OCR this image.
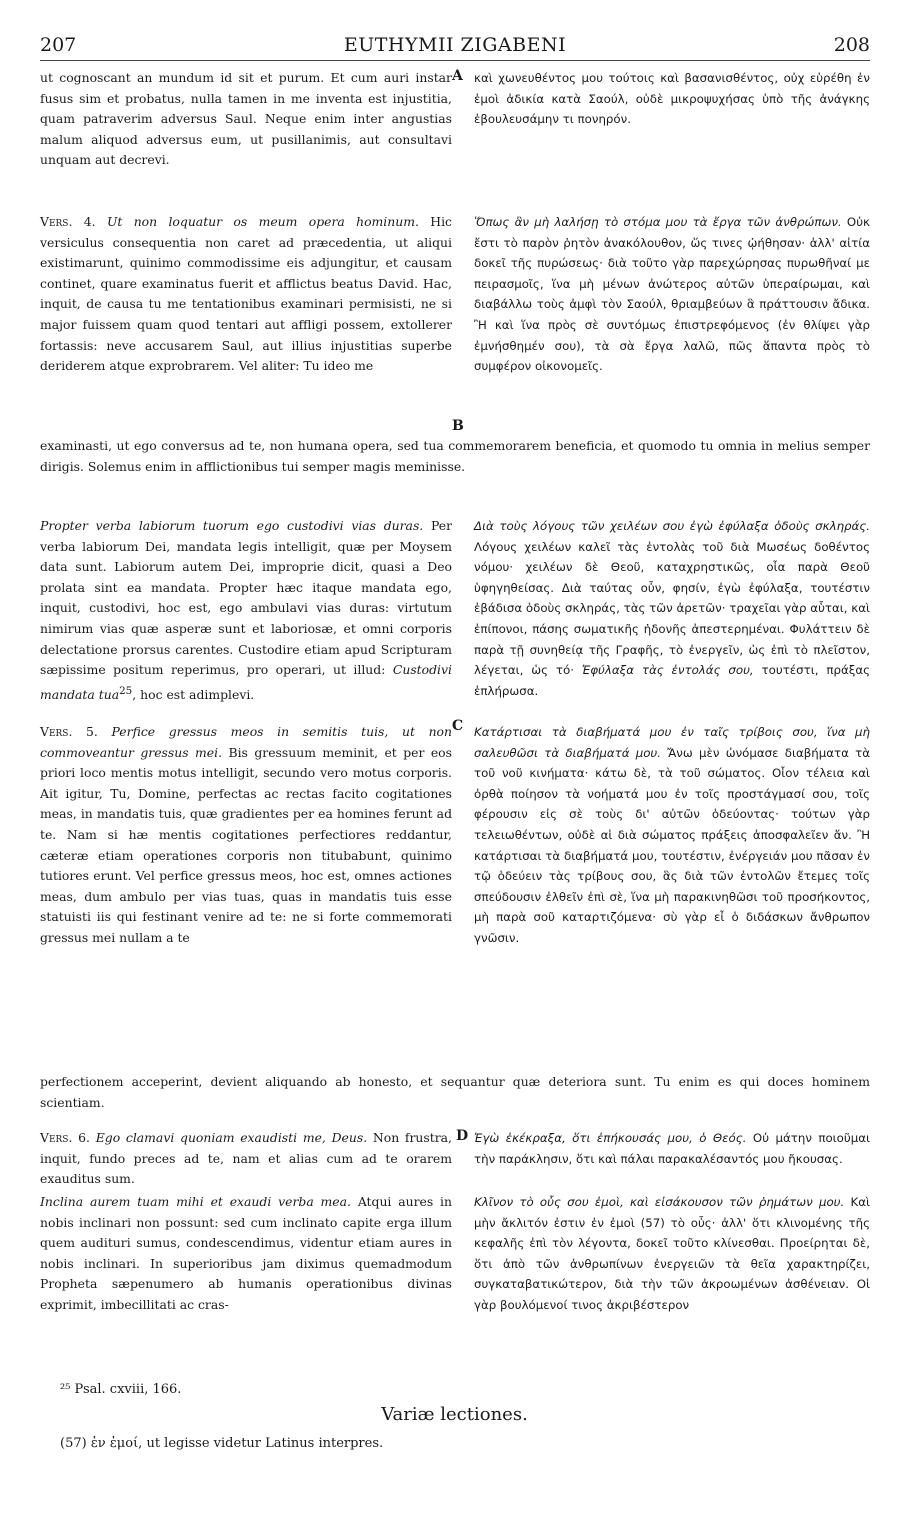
207	EUTHYMII ZIGABENI	208
A
B
C
D

ut cognoscant an mundum id sit et purum. Et cum auri instar fusus sim et probatus, nulla tamen in me inventa est injustitia, quam patraverim adversus Saul. Neque enim inter angustias malum aliquod adversus eum, ut pusillanimis, aut consultavi unquam aut decrevi.

καὶ χωνευθέντος μου τούτοις καὶ βασανισθέντος, οὐχ εὑρέθη ἐν ἐμοὶ ἀδικία κατὰ Σαούλ, οὐδὲ μικροψυχήσας ὑπὸ τῆς ἀνάγκης ἐβουλευσάμην τι πονηρόν.

Vers. 4. Ut non loquatur os meum opera hominum. Hic versiculus consequentia non caret ad præcedentia, ut aliqui existimarunt, quinimo commodissime eis adjungitur, et causam continet, quare examinatus fuerit et afflictus beatus David. Hac, inquit, de causa tu me tentationibus examinari permisisti, ne si major fuissem quam quod tentari aut affligi possem, extollerer fortassis: neve accusarem Saul, aut illius injustitias superbe deriderem atque exprobrarem. Vel aliter: Tu ideo me

Ὅπως ἂν μὴ λαλήσῃ τὸ στόμα μου τὰ ἔργα τῶν ἀνθρώπων. Οὐκ ἔστι τὸ παρὸν ῥητὸν ἀνακόλουθον, ὥς τινες ᾠήθησαν· ἀλλ' αἰτία δοκεῖ τῆς πυρώσεως· διὰ τοῦτο γὰρ παρεχώρησας πυρωθῆναί με πειρασμοῖς, ἵνα μὴ μένων ἀνώτερος αὐτῶν ὑπεραίρωμαι, καὶ διαβάλλω τοὺς ἀμφὶ τὸν Σαούλ, θριαμβεύων ἃ πράττουσιν ἄδικα. Ἢ καὶ ἵνα πρὸς σὲ συντόμως ἐπιστρεφόμενος (ἐν θλίψει γὰρ ἐμνήσθημέν σου), τὰ σὰ ἔργα λαλῶ, πῶς ἅπαντα πρὸς τὸ συμφέρον οἰκονομεῖς.

examinasti, ut ego conversus ad te, non humana opera, sed tua commemorarem beneficia, et quomodo tu omnia in melius semper dirigis. Solemus enim in afflictionibus tui semper magis meminisse.

Propter verba labiorum tuorum ego custodivi vias duras. Per verba labiorum Dei, mandata legis intelligit, quæ per Moysem data sunt. Labiorum autem Dei, improprie dicit, quasi a Deo prolata sint ea mandata. Propter hæc itaque mandata ego, inquit, custodivi, hoc est, ego ambulavi vias duras: virtutum nimirum vias quæ asperæ sunt et laboriosæ, et omni corporis delectatione prorsus carentes. Custodire etiam apud Scripturam sæpissime positum reperimus, pro operari, ut illud: Custodivi mandata tua$^{25}$, hoc est adimplevi.

Διὰ τοὺς λόγους τῶν χειλέων σου ἐγὼ ἐφύλαξα ὁδοὺς σκληράς. Λόγους χειλέων καλεῖ τὰς ἐντολὰς τοῦ διὰ Μωσέως δοθέντος νόμου· χειλέων δὲ Θεοῦ, καταχρηστικῶς, οἷα παρὰ Θεοῦ ὑφηγηθείσας. Διὰ ταύτας οὖν, φησίν, ἐγὼ ἐφύλαξα, τουτέστιν ἐβάδισα ὁδοὺς σκληράς, τὰς τῶν ἀρετῶν· τραχεῖαι γὰρ αὗται, καὶ ἐπίπονοι, πάσης σωματικῆς ἡδονῆς ἀπεστερημέναι. Φυλάττειν δὲ παρὰ τῇ συνηθείᾳ τῆς Γραφῆς, τὸ ἐνεργεῖν, ὡς ἐπὶ τὸ πλεῖστον, λέγεται, ὡς τό· Ἐφύλαξα τὰς ἐντολάς σου, τουτέστι, πράξας ἐπλήρωσα.

Vers. 5. Perfice gressus meos in semitis tuis, ut non commoveantur gressus mei. Bis gressuum meminit, et per eos priori loco mentis motus intelligit, secundo vero motus corporis. Ait igitur, Tu, Domine, perfectas ac rectas facito cogitationes meas, in mandatis tuis, quæ gradientes per ea homines ferunt ad te. Nam si hæ mentis cogitationes perfectiores reddantur, cæteræ etiam operationes corporis non titubabunt, quinimo tutiores erunt. Vel perfice gressus meos, hoc est, omnes actiones meas, dum ambulo per vias tuas, quas in mandatis tuis esse statuisti iis qui festinant venire ad te: ne si forte commemorati gressus mei nullam a te

Κατάρτισαι τὰ διαβήματά μου ἐν ταῖς τρίβοις σου, ἵνα μὴ σαλευθῶσι τὰ διαβήματά μου. Ἄνω μὲν ὠνόμασε διαβήματα τὰ τοῦ νοῦ κινήματα· κάτω δὲ, τὰ τοῦ σώματος. Οἷον τέλεια καὶ ὀρθὰ ποίησον τὰ νοήματά μου ἐν τοῖς προστάγμασί σου, τοῖς φέρουσιν εἰς σὲ τοὺς δι' αὐτῶν ὁδεύοντας· τούτων γὰρ τελειωθέντων, οὐδὲ αἱ διὰ σώματος πράξεις ἀποσφαλεῖεν ἄν. Ἢ κατάρτισαι τὰ διαβήματά μου, τουτέστιν, ἐνέργειάν μου πᾶσαν ἐν τῷ ὁδεύειν τὰς τρίβους σου, ἃς διὰ τῶν ἐντολῶν ἔτεμες τοῖς σπεύδουσιν ἐλθεῖν ἐπὶ σὲ, ἵνα μὴ παρακινηθῶσι τοῦ προσήκοντος, μὴ παρὰ σοῦ καταρτιζόμενα· σὺ γὰρ εἶ ὁ διδάσκων ἄνθρωπον γνῶσιν.

perfectionem acceperint, devient aliquando ab honesto, et sequantur quæ deteriora sunt. Tu enim es qui doces hominem scientiam.

Vers. 6. Ego clamavi quoniam exaudisti me, Deus. Non frustra, inquit, fundo preces ad te, nam et alias cum ad te orarem exauditus sum.

Ἐγὼ ἐκέκραξα, ὅτι ἐπήκουσάς μου, ὁ Θεός. Οὐ μάτην ποιοῦμαι τὴν παράκλησιν, ὅτι καὶ πάλαι παρακαλέσαντός μου ἤκουσας.

Inclina aurem tuam mihi et exaudi verba mea. Atqui aures in nobis inclinari non possunt: sed cum inclinato capite erga illum quem audituri sumus, condescendimus, videntur etiam aures in nobis inclinari. In superioribus jam diximus quemadmodum Propheta sæpenumero ab humanis operationibus divinas exprimit, imbecillitati ac cras-

Κλῖνον τὸ οὖς σου ἐμοὶ, καὶ εἰσάκουσον τῶν ῥημάτων μου. Καὶ μὴν ἄκλιτόν ἐστιν ἐν ἐμοὶ (57) τὸ οὖς· ἀλλ' ὅτι κλινομένης τῆς κεφαλῆς ἐπὶ τὸν λέγοντα, δοκεῖ τοῦτο κλίνεσθαι. Προείρηται δὲ, ὅτι ἀπὸ τῶν ἀνθρωπίνων ἐνεργειῶν τὰ θεῖα χαρακτηρίζει, συγκαταβατικώτερον, διὰ τὴν τῶν ἀκροωμένων ἀσθένειαν. Οἱ γὰρ βουλόμενοί τινος ἀκριβέστερον

²⁵ Psal. cxviii, 166.
Variæ lectiones.
(57) ἐν ἐμοί, ut legisse videtur Latinus interpres.
